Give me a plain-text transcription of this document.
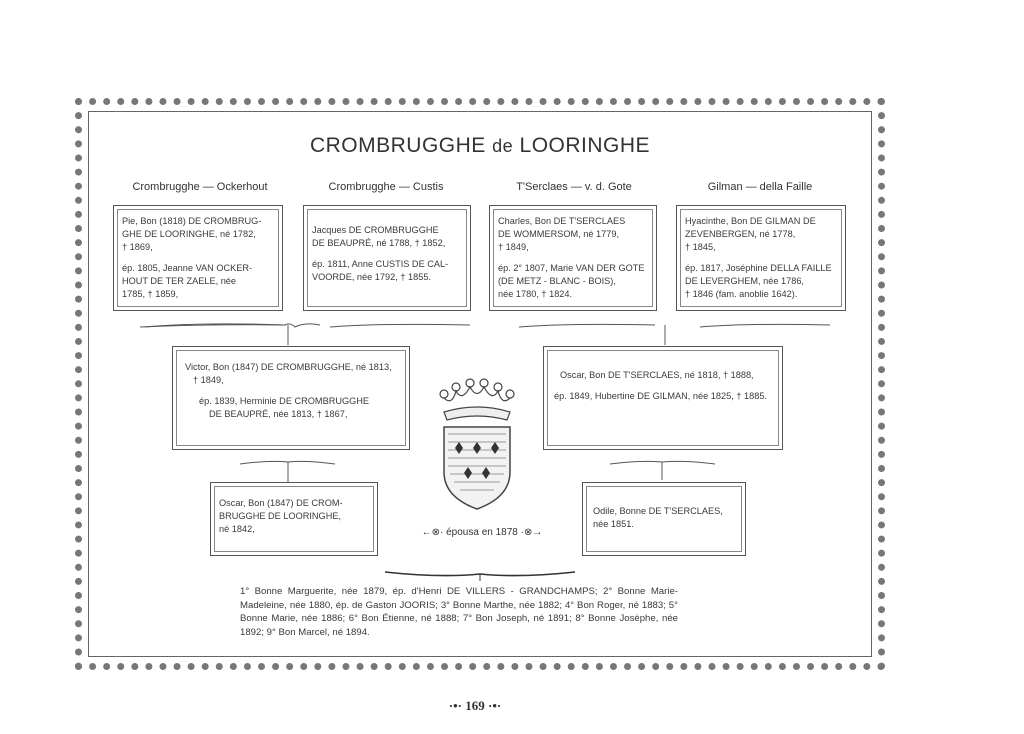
CROMBRUGGHE de LOORINGHE
Crombrugghe — Ockerhout	Crombrugghe — Custis	T'Serclaes — v. d. Gote	Gilman — della Faille

Pie, Bon (1818) DE CROMBRUG-

GHE DE LOORINGHE, né 1782,

† 1869,

ép. 1805, Jeanne VAN OCKER-

HOUT DE TER ZAELE, née

1785, † 1859,

Jacques DE CROMBRUGGHE

DE BEAUPRÉ, né 1788, † 1852,

ép. 1811, Anne CUSTIS DE CAL-

VOORDE, née 1792, † 1855.

Charles, Bon DE T'SERCLAES

DE WOMMERSOM, né 1779,

† 1849,

ép. 2° 1807, Marie VAN DER GOTE

(DE METZ - BLANC - BOIS),

née 1780, † 1824.

Hyacinthe, Bon DE GILMAN DE

ZEVENBERGEN, né 1778,

† 1845,

ép. 1817, Joséphine DELLA FAILLE

DE LEVERGHEM, née 1786,

† 1846 (fam. anoblie 1642).

Victor, Bon (1847) DE CROMBRUGGHE, né 1813,

† 1849,

ép. 1839, Herminie DE CROMBRUGGHE

DE BEAUPRÉ, née 1813, † 1867,

Oscar, Bon DE T'SERCLAES, né 1818, † 1888,

ép. 1849, Hubertine DE GILMAN, née 1825, † 1885.

Oscar, Bon (1847) DE CROM-

BRUGGHE DE LOORINGHE,

né 1842,

Odile, Bonne DE T'SERCLAES,

née 1851.

←⊗· épousa en 1878 ·⊗→
1° Bonne Marguerite, née 1879, ép. d'Henri DE VILLERS - GRANDCHAMPS; 2° Bonne Marie-Madeleine, née 1880, ép. de Gaston JOORIS; 3° Bonne Marthe, née 1882; 4° Bon Roger, né 1883; 5° Bonne Marie, née 1886; 6° Bon Étienne, né 1888; 7° Bon Joseph, né 1891; 8° Bonne Josèphe, née 1892; 9° Bon Marcel, né 1894.
·•· 169 ·•·
